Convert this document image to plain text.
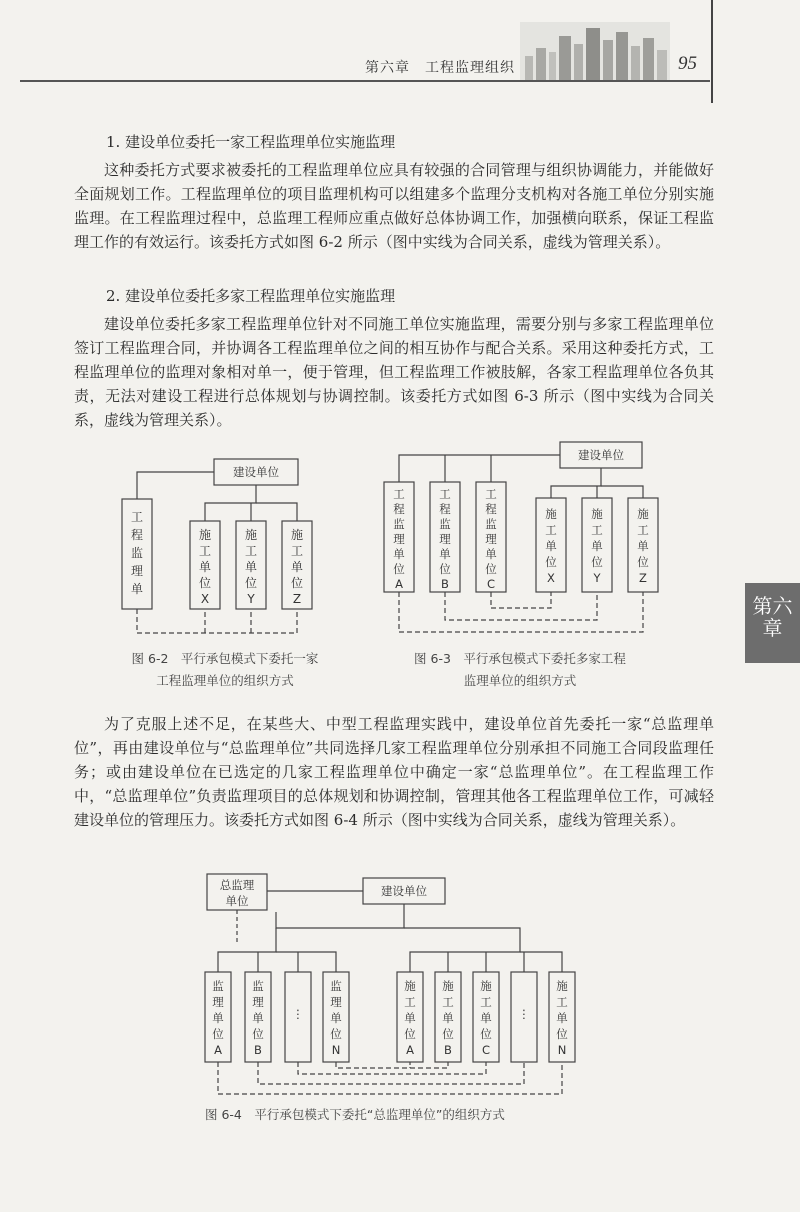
第六章　工程监理组织	95
1. 建设单位委托一家工程监理单位实施监理

这种委托方式要求被委托的工程监理单位应具有较强的合同管理与组织协调能力，并能做好全面规划工作。工程监理单位的项目监理机构可以组建多个监理分支机构对各施工单位分别实施监理。在工程监理过程中，总监理工程师应重点做好总体协调工作，加强横向联系，保证工程监理工作的有效运行。该委托方式如图 6-2 所示（图中实线为合同关系，虚线为管理关系）。

2. 建设单位委托多家工程监理单位实施监理

建设单位委托多家工程监理单位针对不同施工单位实施监理，需要分别与多家工程监理单位签订工程监理合同，并协调各工程监理单位之间的相互协作与配合关系。采用这种委托方式，工程监理单位的监理对象相对单一，便于管理，但工程监理工作被肢解，各家工程监理单位各负其责，无法对建设工程进行总体规划与协调控制。该委托方式如图 6-3 所示（图中实线为合同关系，虚线为管理关系）。

建设单位
工
程
监
理
单
施
工
单
位
X
施
工
单
位
Y
施
工
单
位
Z
图 6-2　平行承包模式下委托一家
工程监理单位的组织方式
建设单位
工
程
监
理
单
位
A
工
程
监
理
单
位
B
工
程
监
理
单
位
C
施
工
单
位
X
施
工
单
位
Y
施
工
单
位
Z
图 6-3　平行承包模式下委托多家工程
监理单位的组织方式

为了克服上述不足，在某些大、中型工程监理实践中，建设单位首先委托一家“总监理单位”，再由建设单位与“总监理单位”共同选择几家工程监理单位分别承担不同施工合同段监理任务；或由建设单位在已选定的几家工程监理单位中确定一家“总监理单位”。在工程监理工作中，“总监理单位”负责监理项目的总体规划和协调控制，管理其他各工程监理单位工作，可减轻建设单位的管理压力。该委托方式如图 6-4 所示（图中实线为合同关系，虚线为管理关系）。

总监理
单位
建设单位
监
理
单
位
A
监
理
单
位
B
⋮
监
理
单
位
N
施
工
单
位
A
施
工
单
位
B
施
工
单
位
C
⋮
施
工
单
位
N
图 6-4　平行承包模式下委托“总监理单位”的组织方式
第六章
